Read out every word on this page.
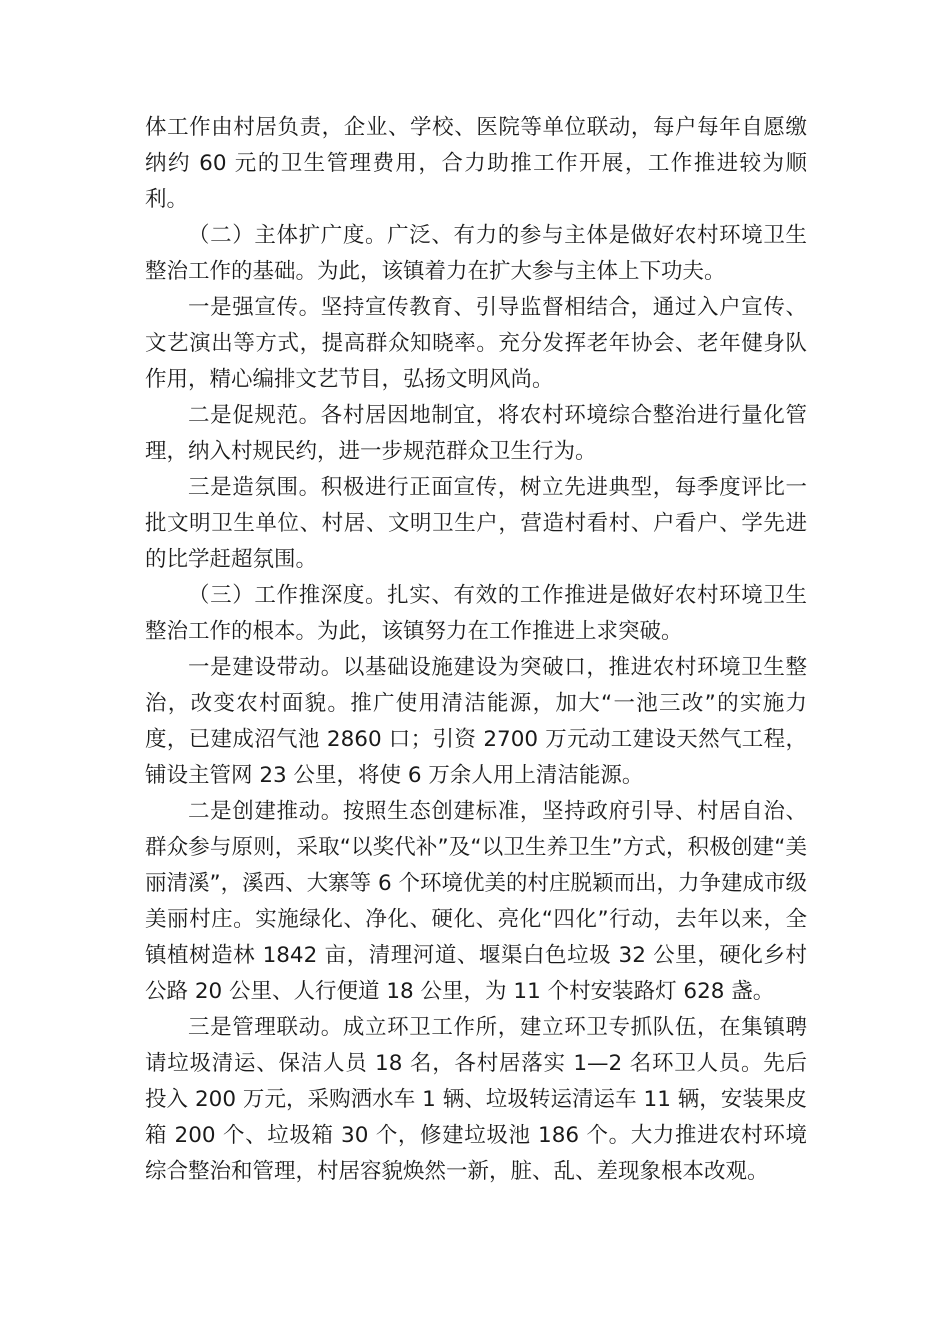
体工作由村居负责，企业、学校、医院等单位联动，每户每年自愿缴纳约 60 元的卫生管理费用，合力助推工作开展，工作推进较为顺利。

（二）主体扩广度。广泛、有力的参与主体是做好农村环境卫生整治工作的基础。为此，该镇着力在扩大参与主体上下功夫。

一是强宣传。坚持宣传教育、引导监督相结合，通过入户宣传、文艺演出等方式，提高群众知晓率。充分发挥老年协会、老年健身队作用，精心编排文艺节目，弘扬文明风尚。

二是促规范。各村居因地制宜，将农村环境综合整治进行量化管理，纳入村规民约，进一步规范群众卫生行为。

三是造氛围。积极进行正面宣传，树立先进典型，每季度评比一批文明卫生单位、村居、文明卫生户，营造村看村、户看户、学先进的比学赶超氛围。

（三）工作推深度。扎实、有效的工作推进是做好农村环境卫生整治工作的根本。为此，该镇努力在工作推进上求突破。

一是建设带动。以基础设施建设为突破口，推进农村环境卫生整治，改变农村面貌。推广使用清洁能源，加大“一池三改”的实施力度，已建成沼气池 2860 口；引资 2700 万元动工建设天然气工程，铺设主管网 23 公里，将使 6 万余人用上清洁能源。

二是创建推动。按照生态创建标准，坚持政府引导、村居自治、群众参与原则，采取“以奖代补”及“以卫生养卫生”方式，积极创建“美丽清溪”，溪西、大寨等 6 个环境优美的村庄脱颖而出，力争建成市级美丽村庄。实施绿化、净化、硬化、亮化“四化”行动，去年以来，全镇植树造林 1842 亩，清理河道、堰渠白色垃圾 32 公里，硬化乡村公路 20 公里、人行便道 18 公里，为 11 个村安装路灯 628 盏。

三是管理联动。成立环卫工作所，建立环卫专抓队伍，在集镇聘请垃圾清运、保洁人员 18 名，各村居落实 1—2 名环卫人员。先后投入 200 万元，采购洒水车 1 辆、垃圾转运清运车 11 辆，安装果皮箱 200 个、垃圾箱 30 个，修建垃圾池 186 个。大力推进农村环境综合整治和管理，村居容貌焕然一新，脏、乱、差现象根本改观。
